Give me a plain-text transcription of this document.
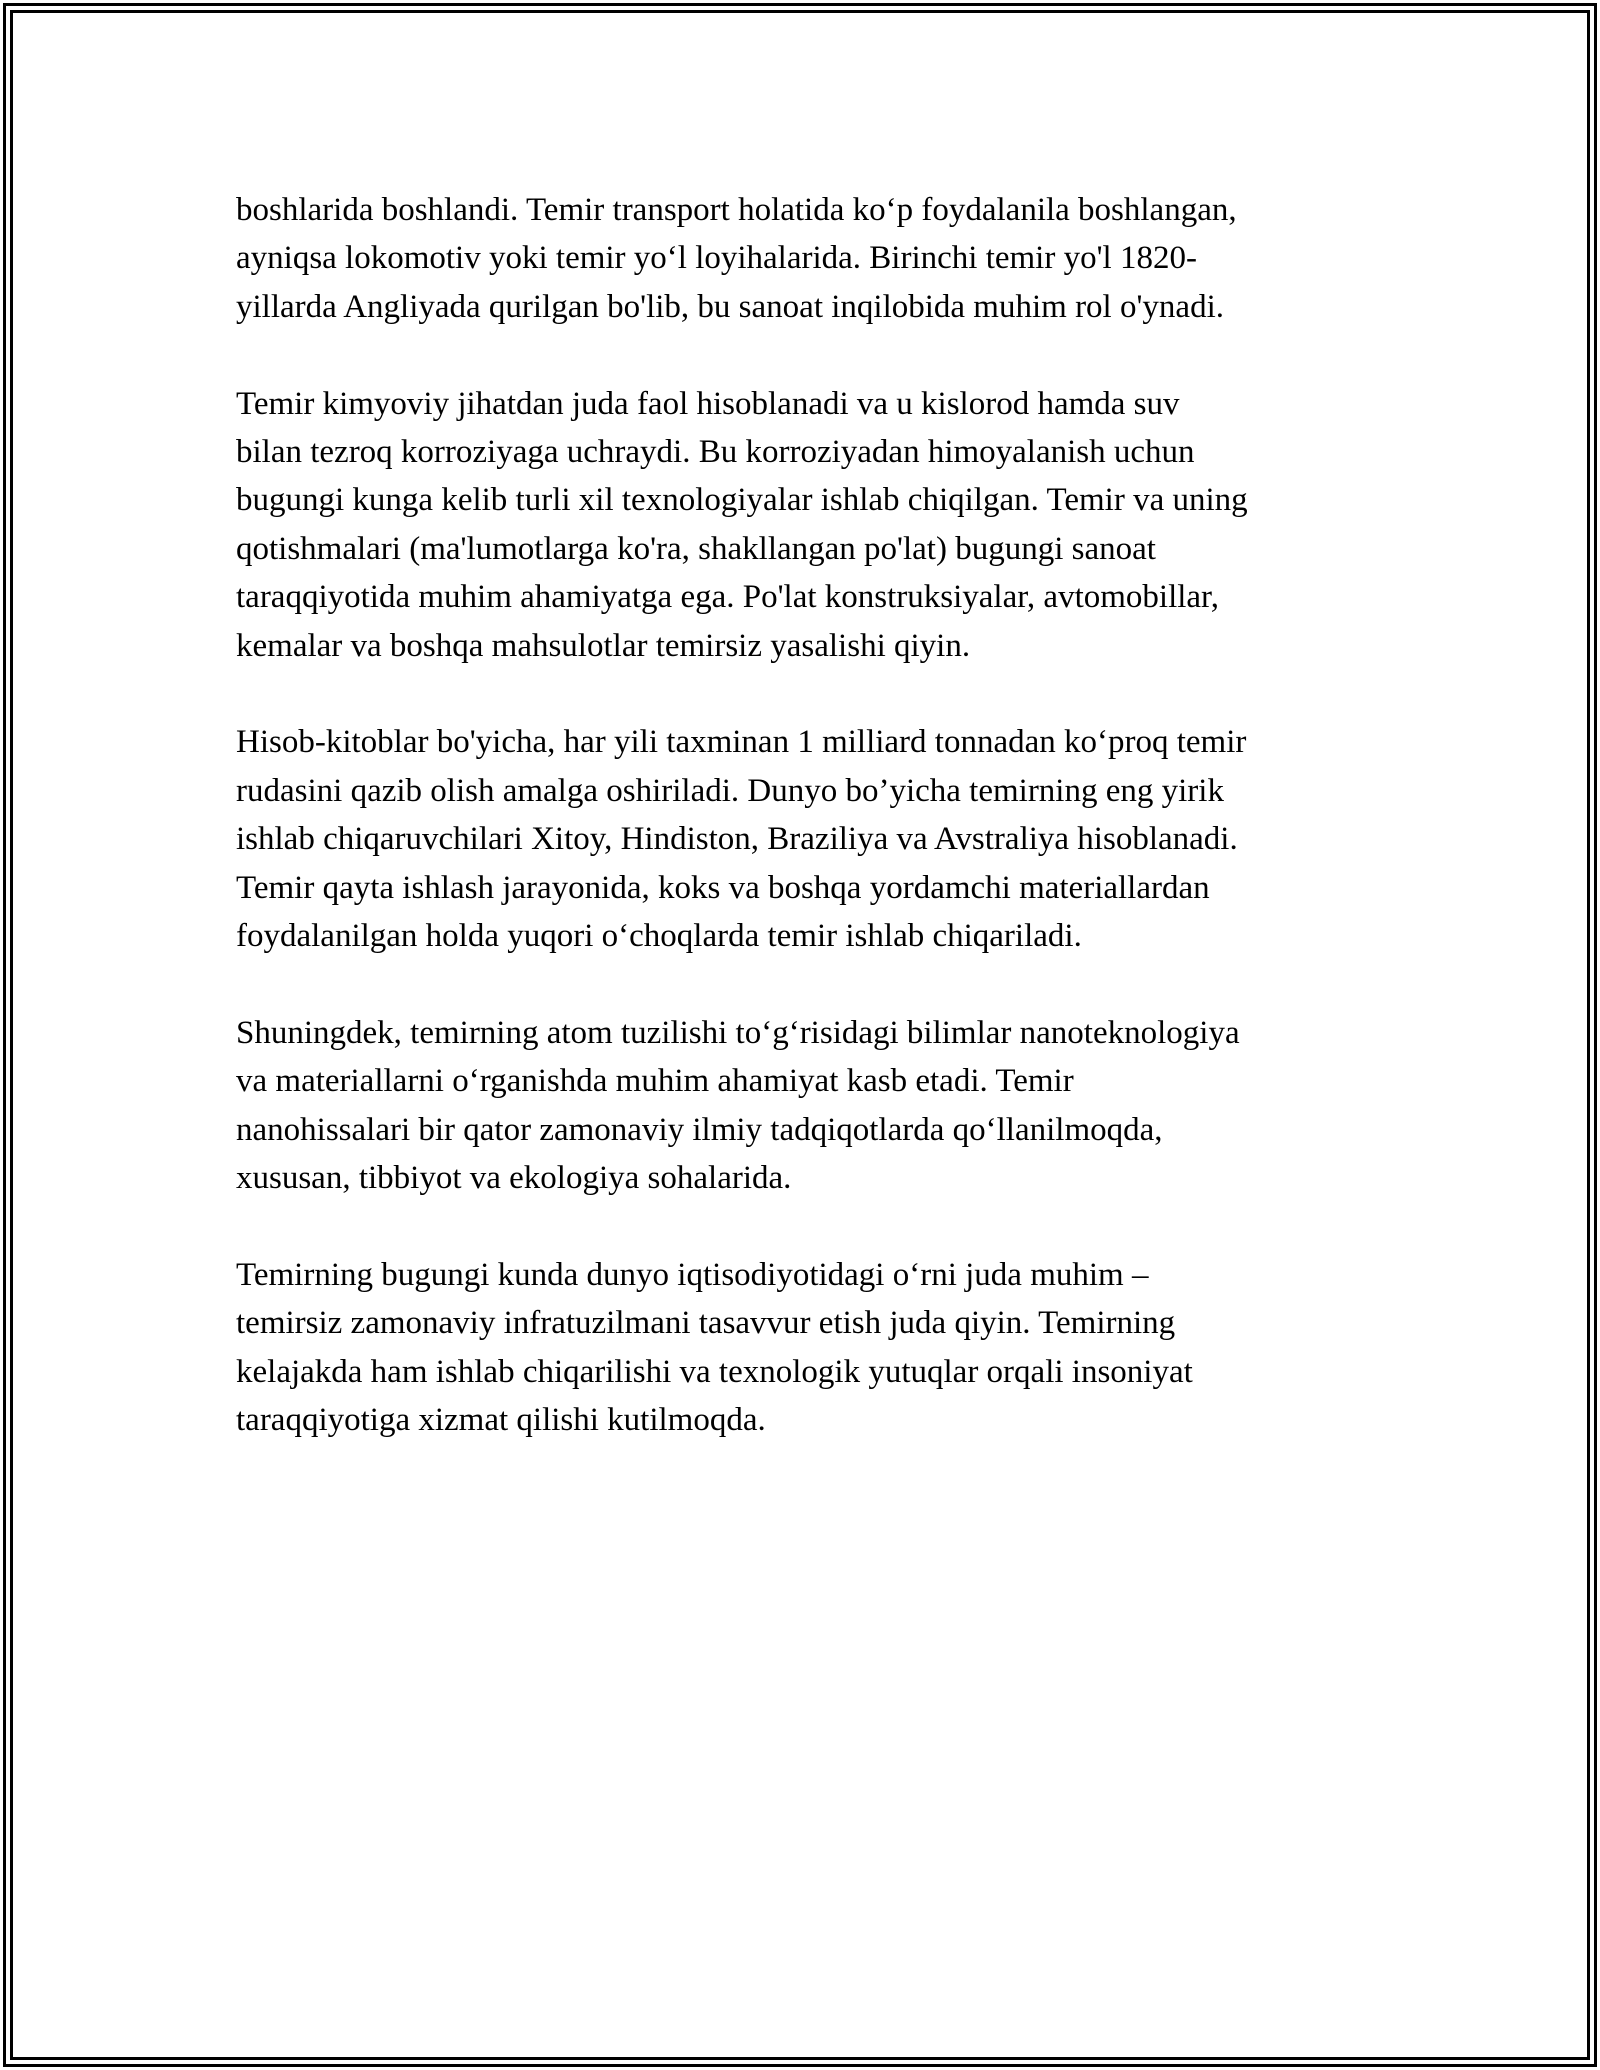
boshlarida boshlandi. Temir transport holatida ko‘p foydalanila boshlangan,
ayniqsa lokomotiv yoki temir yo‘l loyihalarida. Birinchi temir yo'l 1820-
yillarda Angliyada qurilgan bo'lib, bu sanoat inqilobida muhim rol o'ynadi.

Temir kimyoviy jihatdan juda faol hisoblanadi va u kislorod hamda suv
bilan tezroq korroziyaga uchraydi. Bu korroziyadan himoyalanish uchun
bugungi kunga kelib turli xil texnologiyalar ishlab chiqilgan. Temir va uning
qotishmalari (ma'lumotlarga ko'ra, shakllangan po'lat) bugungi sanoat
taraqqiyotida muhim ahamiyatga ega. Po'lat konstruksiyalar, avtomobillar,
kemalar va boshqa mahsulotlar temirsiz yasalishi qiyin.

Hisob-kitoblar bo'yicha, har yili taxminan 1 milliard tonnadan ko‘proq temir
rudasini qazib olish amalga oshiriladi. Dunyo bo’yicha temirning eng yirik
ishlab chiqaruvchilari Xitoy, Hindiston, Braziliya va Avstraliya hisoblanadi.
Temir qayta ishlash jarayonida, koks va boshqa yordamchi materiallardan
foydalanilgan holda yuqori o‘choqlarda temir ishlab chiqariladi.

Shuningdek, temirning atom tuzilishi to‘g‘risidagi bilimlar nanoteknologiya
va materiallarni o‘rganishda muhim ahamiyat kasb etadi. Temir
nanohissalari bir qator zamonaviy ilmiy tadqiqotlarda qo‘llanilmoqda,
xususan, tibbiyot va ekologiya sohalarida.

Temirning bugungi kunda dunyo iqtisodiyotidagi o‘rni juda muhim –
temirsiz zamonaviy infratuzilmani tasavvur etish juda qiyin. Temirning
kelajakda ham ishlab chiqarilishi va texnologik yutuqlar orqali insoniyat
taraqqiyotiga xizmat qilishi kutilmoqda.
